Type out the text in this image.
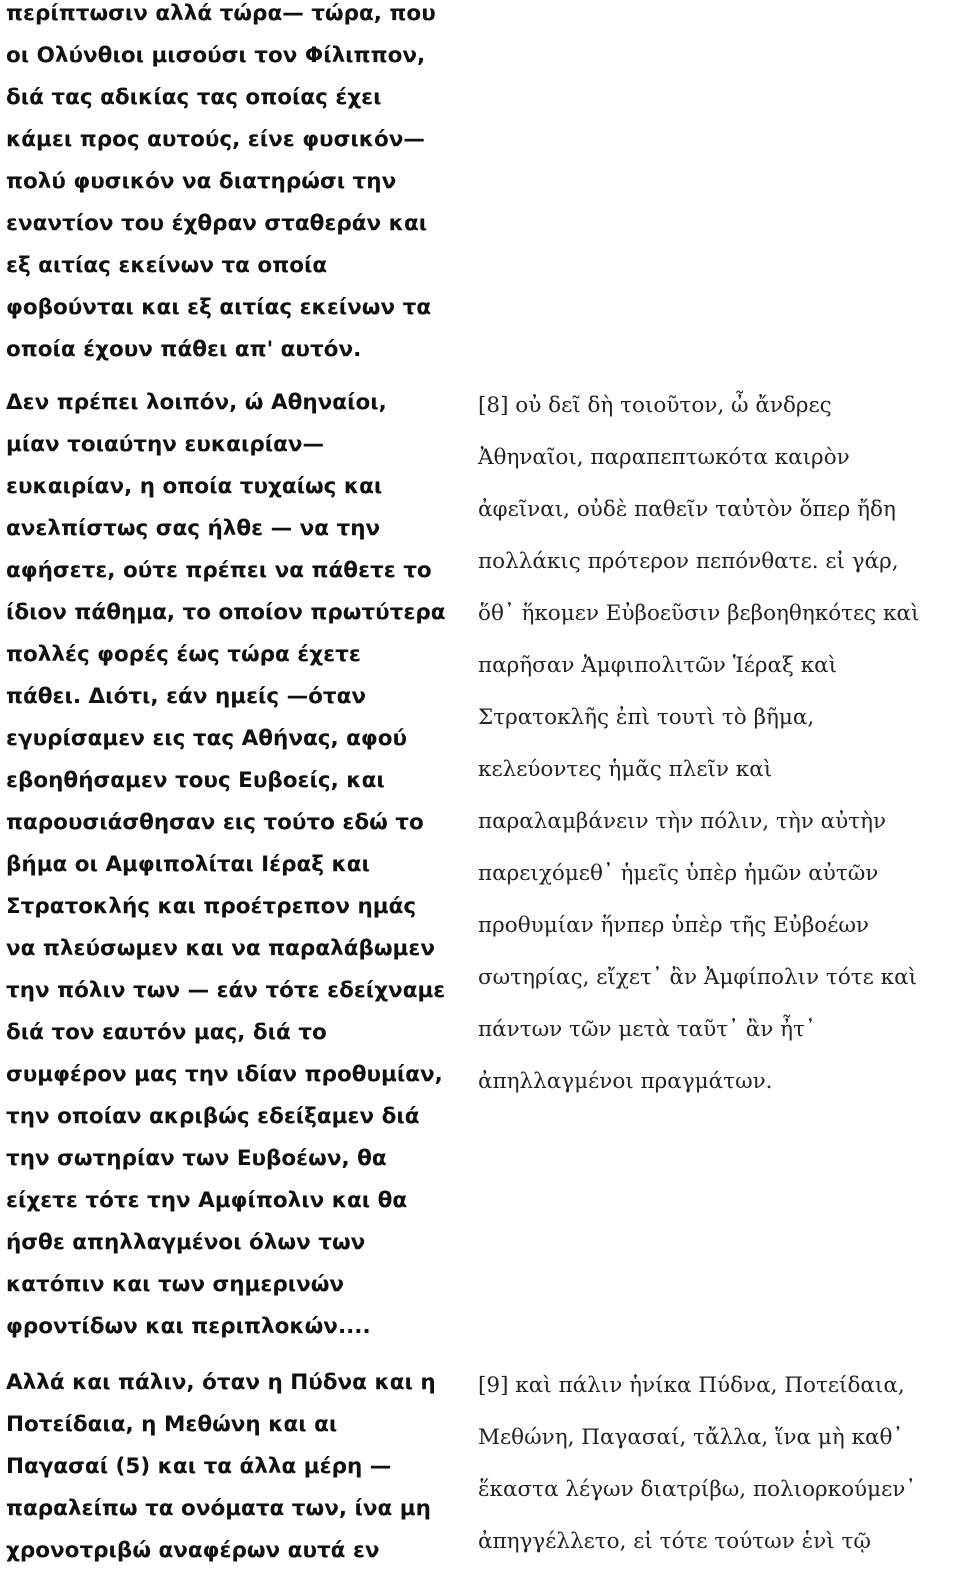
περίπτωσιν αλλά τώρα— τώρα, που
οι Ολύνθιοι μισούσι τον Φίλιππον,
διά τας αδικίας τας οποίας έχει
κάμει προς αυτούς, είνε φυσικόν—
πολύ φυσικόν να διατηρώσι την
εναντίον του έχθραν σταθεράν και
εξ αιτίας εκείνων τα οποία
φοβούνται και εξ αιτίας εκείνων τα
οποία έχουν πάθει απ' αυτόν.
Δεν πρέπει λοιπόν, ώ Αθηναίοι,
μίαν τοιαύτην ευκαιρίαν—
ευκαιρίαν, η οποία τυχαίως και
ανελπίστως σας ήλθε — να την
αφήσετε, ούτε πρέπει να πάθετε το
ίδιον πάθημα, το οποίον πρωτύτερα
πολλές φορές έως τώρα έχετε
πάθει. Διότι, εάν ημείς —όταν
εγυρίσαμεν εις τας Αθήνας, αφού
εβοηθήσαμεν τους Ευβοείς, και
παρουσιάσθησαν εις τούτο εδώ το
βήμα οι Αμφιπολίται Ιέραξ και
Στρατοκλής και προέτρεπον ημάς
να πλεύσωμεν και να παραλάβωμεν
την πόλιν των — εάν τότε εδείχναμε
διά τον εαυτόν μας, διά το
συμφέρον μας την ιδίαν προθυμίαν,
την οποίαν ακριβώς εδείξαμεν διά
την σωτηρίαν των Ευβοέων, θα
είχετε τότε την Αμφίπολιν και θα
ήσθε απηλλαγμένοι όλων των
κατόπιν και των σημερινών
φροντίδων και περιπλοκών....
Αλλά και πάλιν, όταν η Πύδνα και η
Ποτείδαια, η Μεθώνη και αι
Παγασαί (5) και τα άλλα μέρη —
παραλείπω τα ονόματα των, ίνα μη
χρονοτριβώ αναφέρων αυτά εν
[8] οὐ δεῖ δὴ τοιοῦτον, ὦ ἄνδρες
Ἀθηναῖοι, παραπεπτωκότα καιρὸν
ἀφεῖναι, οὐδὲ παθεῖν ταὐτὸν ὅπερ ἤδη
πολλάκις πρότερον πεπόνθατε. εἰ γάρ,
ὅθ᾽ ἥκομεν Εὐβοεῦσιν βεβοηθηκότες καὶ
παρῆσαν Ἀμφιπολιτῶν Ἱέραξ καὶ
Στρατοκλῆς ἐπὶ τουτὶ τὸ βῆμα,
κελεύοντες ἡμᾶς πλεῖν καὶ
παραλαμβάνειν τὴν πόλιν, τὴν αὐτὴν
παρειχόμεθ᾽ ἡμεῖς ὑπὲρ ἡμῶν αὐτῶν
προθυμίαν ἥνπερ ὑπὲρ τῆς Εὐβοέων
σωτηρίας, εἴχετ᾽ ἂν Ἀμφίπολιν τότε καὶ
πάντων τῶν μετὰ ταῦτ᾽ ἂν ἦτ᾽
ἀπηλλαγμένοι πραγμάτων.
[9] καὶ πάλιν ἡνίκα Πύδνα, Ποτείδαια,
Μεθώνη, Παγασαί, τἄλλα, ἵνα μὴ καθ᾽
ἕκαστα λέγων διατρίβω, πολιορκούμεν᾽
ἀπηγγέλλετο, εἰ τότε τούτων ἑνὶ τῷ
